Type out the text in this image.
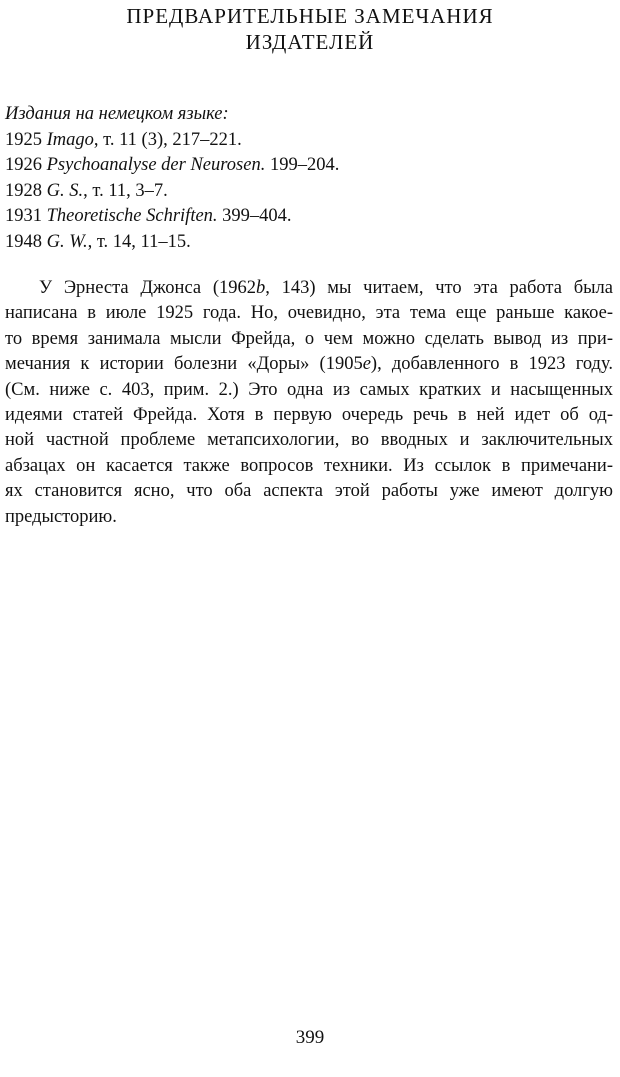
ПРЕДВАРИТЕЛЬНЫЕ ЗАМЕЧАНИЯ
ИЗДАТЕЛЕЙ
Издания на немецком языке:
1925 Imago, т. 11 (3), 217–221.
1926 Psychoanalyse der Neurosen. 199–204.
1928 G. S., т. 11, 3–7.
1931 Theoretische Schriften. 399–404.
1948 G. W., т. 14, 11–15.
У Эрнеста Джонса (1962b, 143) мы читаем, что эта работа была
написана в июле 1925 года. Но, очевидно, эта тема еще раньше какое-
то время занимала мысли Фрейда, о чем можно сделать вывод из при-
мечания к истории болезни «Доры» (1905e), добавленного в 1923 году.
(См. ниже с. 403, прим. 2.) Это одна из самых кратких и насыщенных
идеями статей Фрейда. Хотя в первую очередь речь в ней идет об од-
ной частной проблеме метапсихологии, во вводных и заключительных
абзацах он касается также вопросов техники. Из ссылок в примечани-
ях становится ясно, что оба аспекта этой работы уже имеют долгую
предысторию.
399
